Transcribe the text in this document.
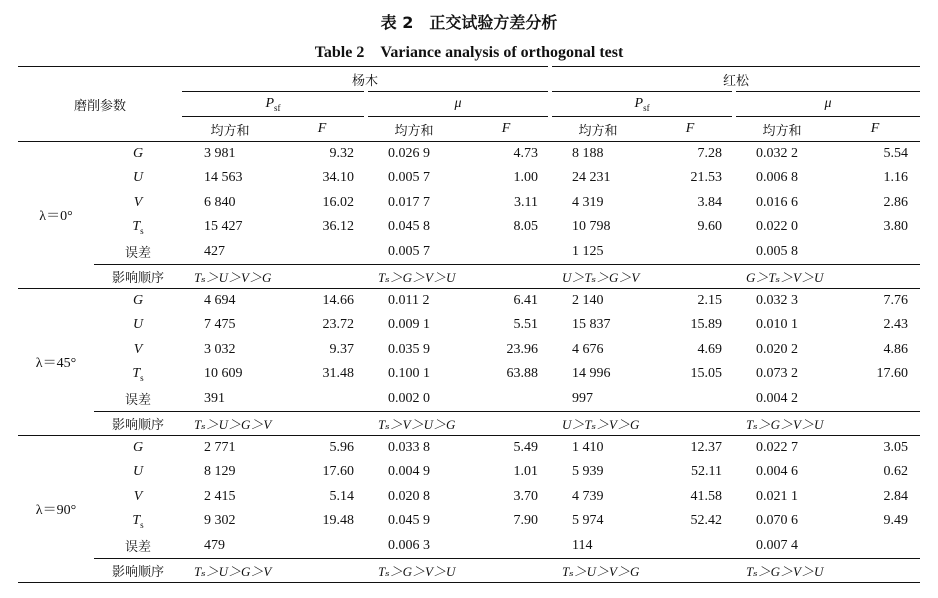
表 2　正交试验方差分析
Table 2　Variance analysis of orthogonal test
磨削参数		杨木				红松			
		$P_{sf}$		μ		$P_{sf}$		μ	
		均方和	F	均方和	F	均方和	F	均方和	F
λ＝0°	G	3 981	9.32	0.026 9	4.73	8 188	7.28	0.032 2	5.54
	U	14 563	34.10	0.005 7	1.00	24 231	21.53	0.006 8	1.16
	V	6 840	16.02	0.017 7	3.11	4 319	3.84	0.016 6	2.86
	$T_s$	15 427	36.12	0.045 8	8.05	10 798	9.60	0.022 0	3.80
	误差	427		0.005 7		1 125		0.005 8	
	影响顺序	Tₛ＞U＞V＞G		Tₛ＞G＞V＞U		U＞Tₛ＞G＞V		G＞Tₛ＞V＞U	
λ＝45°	G	4 694	14.66	0.011 2	6.41	2 140	2.15	0.032 3	7.76
	U	7 475	23.72	0.009 1	5.51	15 837	15.89	0.010 1	2.43
	V	3 032	9.37	0.035 9	23.96	4 676	4.69	0.020 2	4.86
	$T_s$	10 609	31.48	0.100 1	63.88	14 996	15.05	0.073 2	17.60
	误差	391		0.002 0		997		0.004 2	
	影响顺序	Tₛ＞U＞G＞V		Tₛ＞V＞U＞G		U＞Tₛ＞V＞G		Tₛ＞G＞V＞U	
λ＝90°	G	2 771	5.96	0.033 8	5.49	1 410	12.37	0.022 7	3.05
	U	8 129	17.60	0.004 9	1.01	5 939	52.11	0.004 6	0.62
	V	2 415	5.14	0.020 8	3.70	4 739	41.58	0.021 1	2.84
	$T_s$	9 302	19.48	0.045 9	7.90	5 974	52.42	0.070 6	9.49
	误差	479		0.006 3		114		0.007 4	
	影响顺序	Tₛ＞U＞G＞V		Tₛ＞G＞V＞U		Tₛ＞U＞V＞G		Tₛ＞G＞V＞U	
